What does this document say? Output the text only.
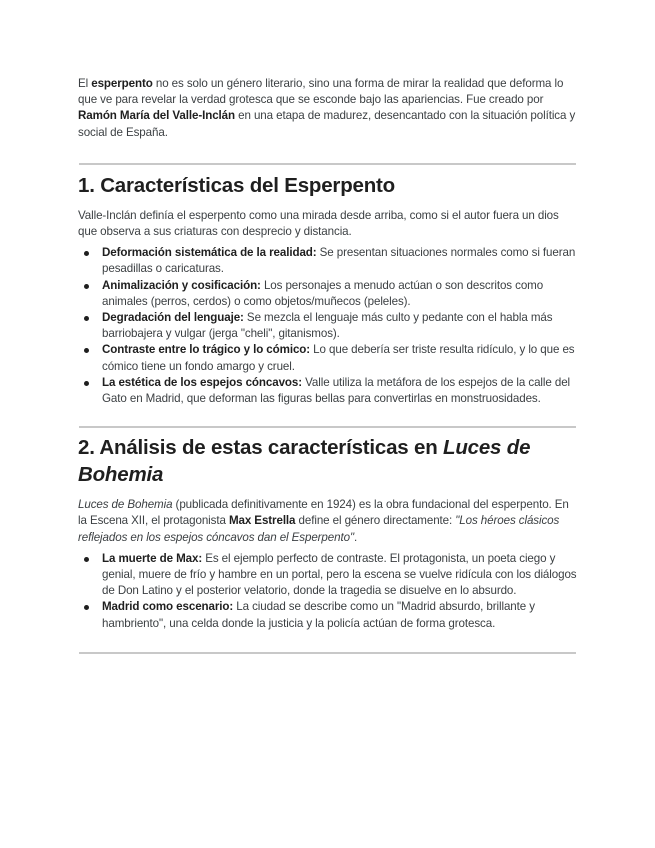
El esperpento no es solo un género literario, sino una forma de mirar la realidad que deforma lo que ve para revelar la verdad grotesca que se esconde bajo las apariencias. Fue creado por Ramón María del Valle-Inclán en una etapa de madurez, desencantado con la situación política y social de España.

1. Características del Esperpento

Valle-Inclán definía el esperpento como una mirada desde arriba, como si el autor fuera un dios que observa a sus criaturas con desprecio y distancia.

Deformación sistemática de la realidad: Se presentan situaciones normales como si fueran pesadillas o caricaturas.
Animalización y cosificación: Los personajes a menudo actúan o son descritos como animales (perros, cerdos) o como objetos/muñecos (peleles).
Degradación del lenguaje: Se mezcla el lenguaje más culto y pedante con el habla más barriobajera y vulgar (jerga "cheli", gitanismos).
Contraste entre lo trágico y lo cómico: Lo que debería ser triste resulta ridículo, y lo que es cómico tiene un fondo amargo y cruel.
La estética de los espejos cóncavos: Valle utiliza la metáfora de los espejos de la calle del Gato en Madrid, que deforman las figuras bellas para convertirlas en monstruosidades.
2. Análisis de estas características en Luces de Bohemia

Luces de Bohemia (publicada definitivamente en 1924) es la obra fundacional del esperpento. En la Escena XII, el protagonista Max Estrella define el género directamente: "Los héroes clásicos reflejados en los espejos cóncavos dan el Esperpento".

La muerte de Max: Es el ejemplo perfecto de contraste. El protagonista, un poeta ciego y genial, muere de frío y hambre en un portal, pero la escena se vuelve ridícula con los diálogos de Don Latino y el posterior velatorio, donde la tragedia se disuelve en lo absurdo.
Madrid como escenario: La ciudad se describe como un "Madrid absurdo, brillante y hambriento", una celda donde la justicia y la policía actúan de forma grotesca.
